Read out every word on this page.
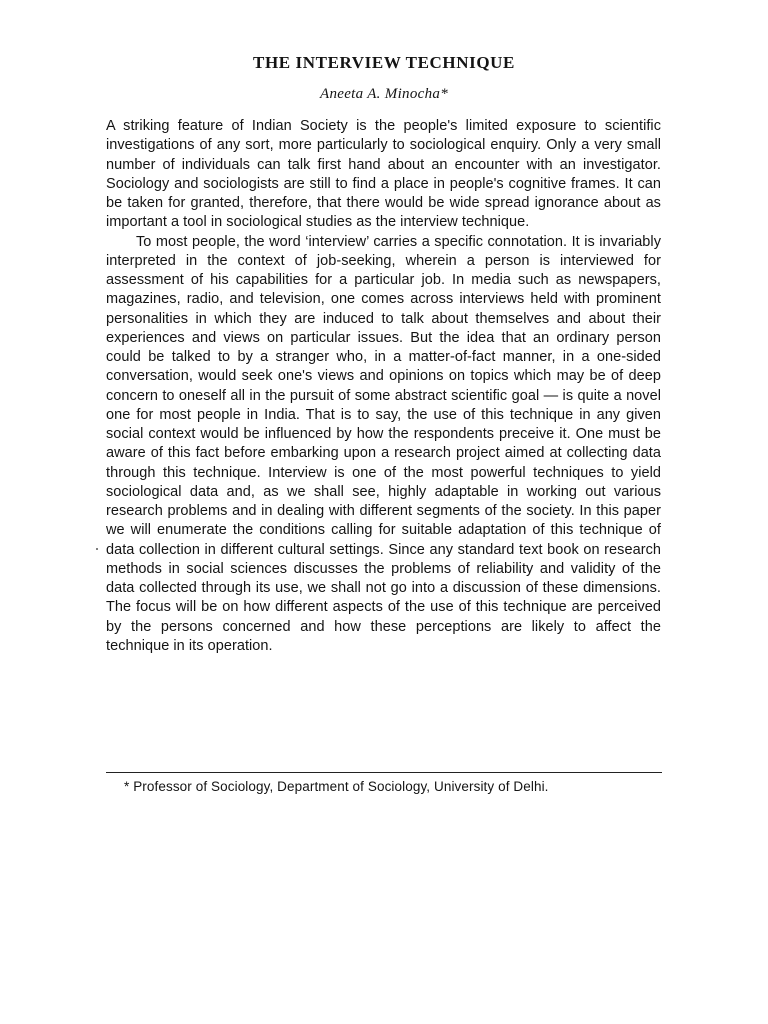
THE INTERVIEW TECHNIQUE
Aneeta A. Minocha*

A striking feature of Indian Society is the people's limited exposure to scientific investigations of any sort, more particularly to sociological enquiry. Only a very small number of individuals can talk first hand about an encounter with an investigator. Sociology and sociologists are still to find a place in people's cognitive frames. It can be taken for granted, therefore, that there would be wide spread ignorance about as important a tool in sociological studies as the interview technique.

To most people, the word ‘interview’ carries a specific connotation. It is invariably interpreted in the context of job-seeking, wherein a person is interviewed for assessment of his capabilities for a particular job. In media such as newspapers, magazines, radio, and television, one comes across interviews held with prominent personalities in which they are induced to talk about themselves and about their experiences and views on particular issues. But the idea that an ordinary person could be talked to by a stranger who, in a matter-of-fact manner, in a one-sided conversation, would seek one's views and opinions on topics which may be of deep concern to oneself all in the pursuit of some abstract scientific goal — is quite a novel one for most people in India. That is to say, the use of this technique in any given social context would be influenced by how the respondents preceive it. One must be aware of this fact before embarking upon a research project aimed at collecting data through this technique. Interview is one of the most powerful techniques to yield sociological data and, as we shall see, highly adaptable in working out various research problems and in dealing with different segments of the society. In this paper we will enumerate the conditions calling for suitable adaptation of this technique of data collection in different cultural settings. Since any standard text book on research methods in social sciences discusses the problems of reliability and validity of the data collected through its use, we shall not go into a discussion of these dimensions. The focus will be on how different aspects of the use of this technique are perceived by the persons concerned and how these perceptions are likely to affect the technique in its operation.

* Professor of Sociology, Department of Sociology, University of Delhi.
